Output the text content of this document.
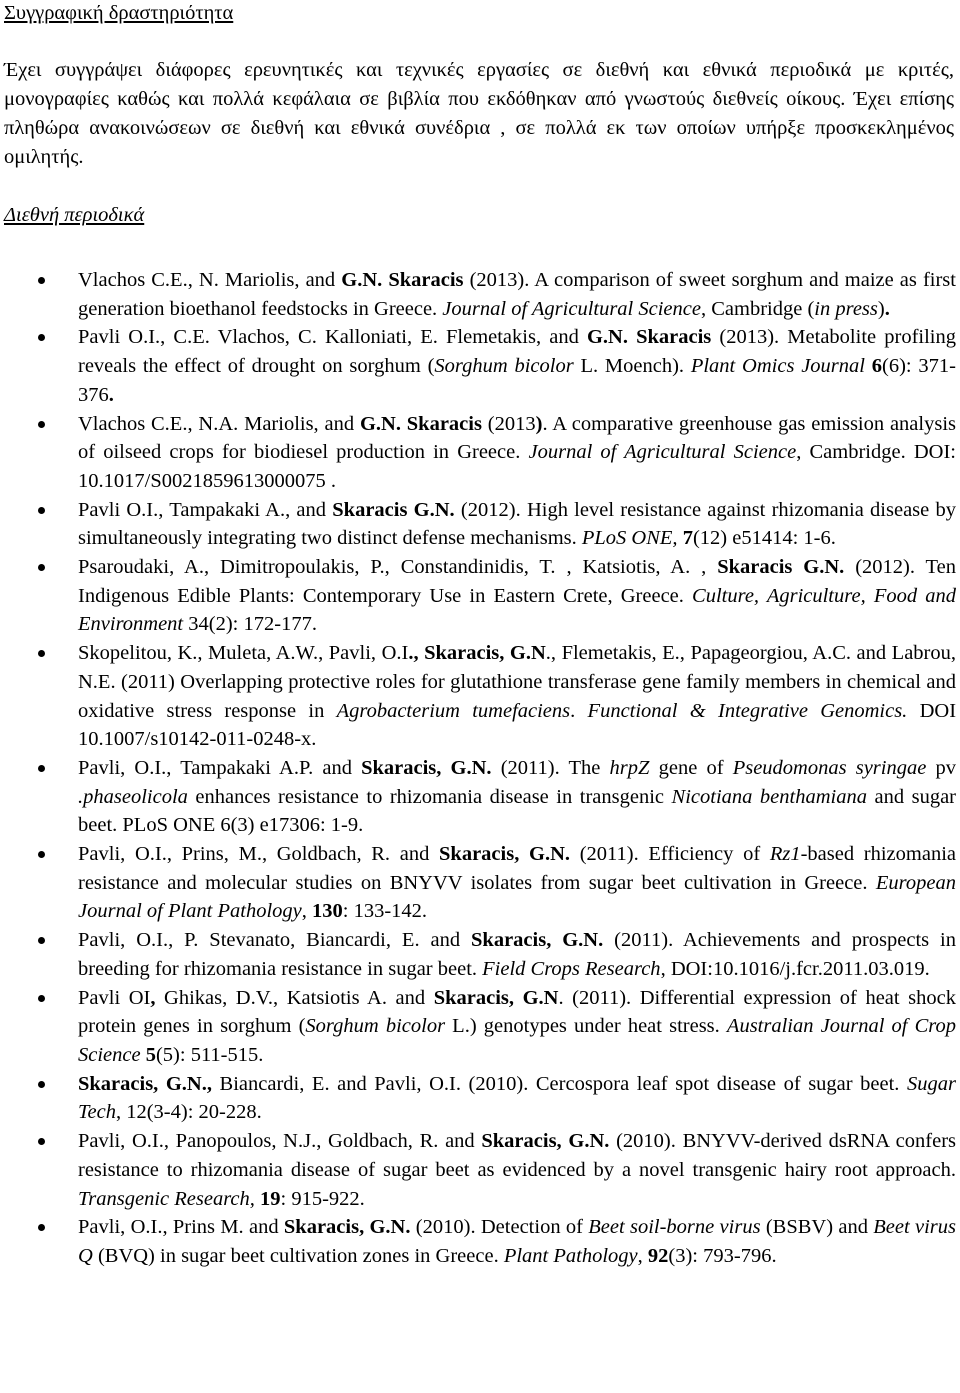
Συγγραφική δραστηριότητα

Έχει συγγράψει διάφορες ερευνητικές και τεχνικές εργασίες σε διεθνή και εθνικά περιοδικά με κριτές, μονογραφίες καθώς και πολλά κεφάλαια σε βιβλία που εκδόθηκαν από γνωστούς διεθνείς οίκους. Έχει επίσης πληθώρα ανακοινώσεων σε διεθνή και εθνικά συνέδρια , σε πολλά εκ των οποίων υπήρξε προσκεκλημένος ομιλητής.

Διεθνή περιοδικά
Vlachos C.E., N. Mariolis, and G.N. Skaracis (2013). A comparison of sweet sorghum and maize as first generation bioethanol feedstocks in Greece. Journal of Agricultural Science, Cambridge (in press).
Pavli O.I., C.E. Vlachos, C. Kalloniati, E. Flemetakis, and G.N. Skaracis (2013). Metabolite profiling reveals the effect of drought on sorghum (Sorghum bicolor L. Moench). Plant Omics Journal 6(6): 371-376.
Vlachos C.E., N.A. Mariolis, and G.N. Skaracis (2013). A comparative greenhouse gas emission analysis of oilseed crops for biodiesel production in Greece. Journal of Agricultural Science, Cambridge. DOI: 10.1017/S0021859613000075 .
Pavli O.I., Tampakaki A., and Skaracis G.N. (2012). High level resistance against rhizomania disease by simultaneously integrating two distinct defense mechanisms. PLoS ONE, 7(12) e51414: 1-6.
Psaroudaki, A., Dimitropoulakis, P., Constandinidis, T. , Katsiotis, A. , Skaracis G.N. (2012). Ten Indigenous Edible Plants: Contemporary Use in Eastern Crete, Greece. Culture, Agriculture, Food and Environment 34(2): 172-177.
Skopelitou, K., Muleta, A.W., Pavli, O.I., Skaracis, G.N., Flemetakis, E., Papageorgiou, A.C. and Labrou, N.E. (2011) Overlapping protective roles for glutathione transferase gene family members in chemical and oxidative stress response in Agrobacterium tumefaciens. Functional & Integrative Genomics. DOI 10.1007/s10142-011-0248-x.
Pavli, O.I., Tampakaki A.P. and Skaracis, G.N. (2011). The hrpZ gene of Pseudomonas syringae pv .phaseolicola enhances resistance to rhizomania disease in transgenic Nicotiana benthamiana and sugar beet. PLoS ONE 6(3) e17306: 1-9.
Pavli, O.I., Prins, M., Goldbach, R. and Skaracis, G.N. (2011). Efficiency of Rz1-based rhizomania resistance and molecular studies on BNYVV isolates from sugar beet cultivation in Greece. European Journal of Plant Pathology, 130: 133-142.
Pavli, O.I., P. Stevanato, Biancardi, E. and Skaracis, G.N. (2011). Achievements and prospects in breeding for rhizomania resistance in sugar beet. Field Crops Research, DOI:10.1016/j.fcr.2011.03.019.
Pavli OI, Ghikas, D.V., Katsiotis A. and Skaracis, G.N. (2011). Differential expression of heat shock protein genes in sorghum (Sorghum bicolor L.) genotypes under heat stress. Australian Journal of Crop Science 5(5): 511-515.
Skaracis, G.N., Biancardi, E. and Pavli, O.I. (2010). Cercospora leaf spot disease of sugar beet. Sugar Tech, 12(3-4): 20-228.
Pavli, O.I., Panopoulos, N.J., Goldbach, R. and Skaracis, G.N. (2010). BNYVV-derived dsRNA confers resistance to rhizomania disease of sugar beet as evidenced by a novel transgenic hairy root approach. Transgenic Research, 19: 915-922.
Pavli, O.I., Prins M. and Skaracis, G.N. (2010). Detection of Beet soil-borne virus (BSBV) and Beet virus Q (BVQ) in sugar beet cultivation zones in Greece. Plant Pathology, 92(3): 793-796.
